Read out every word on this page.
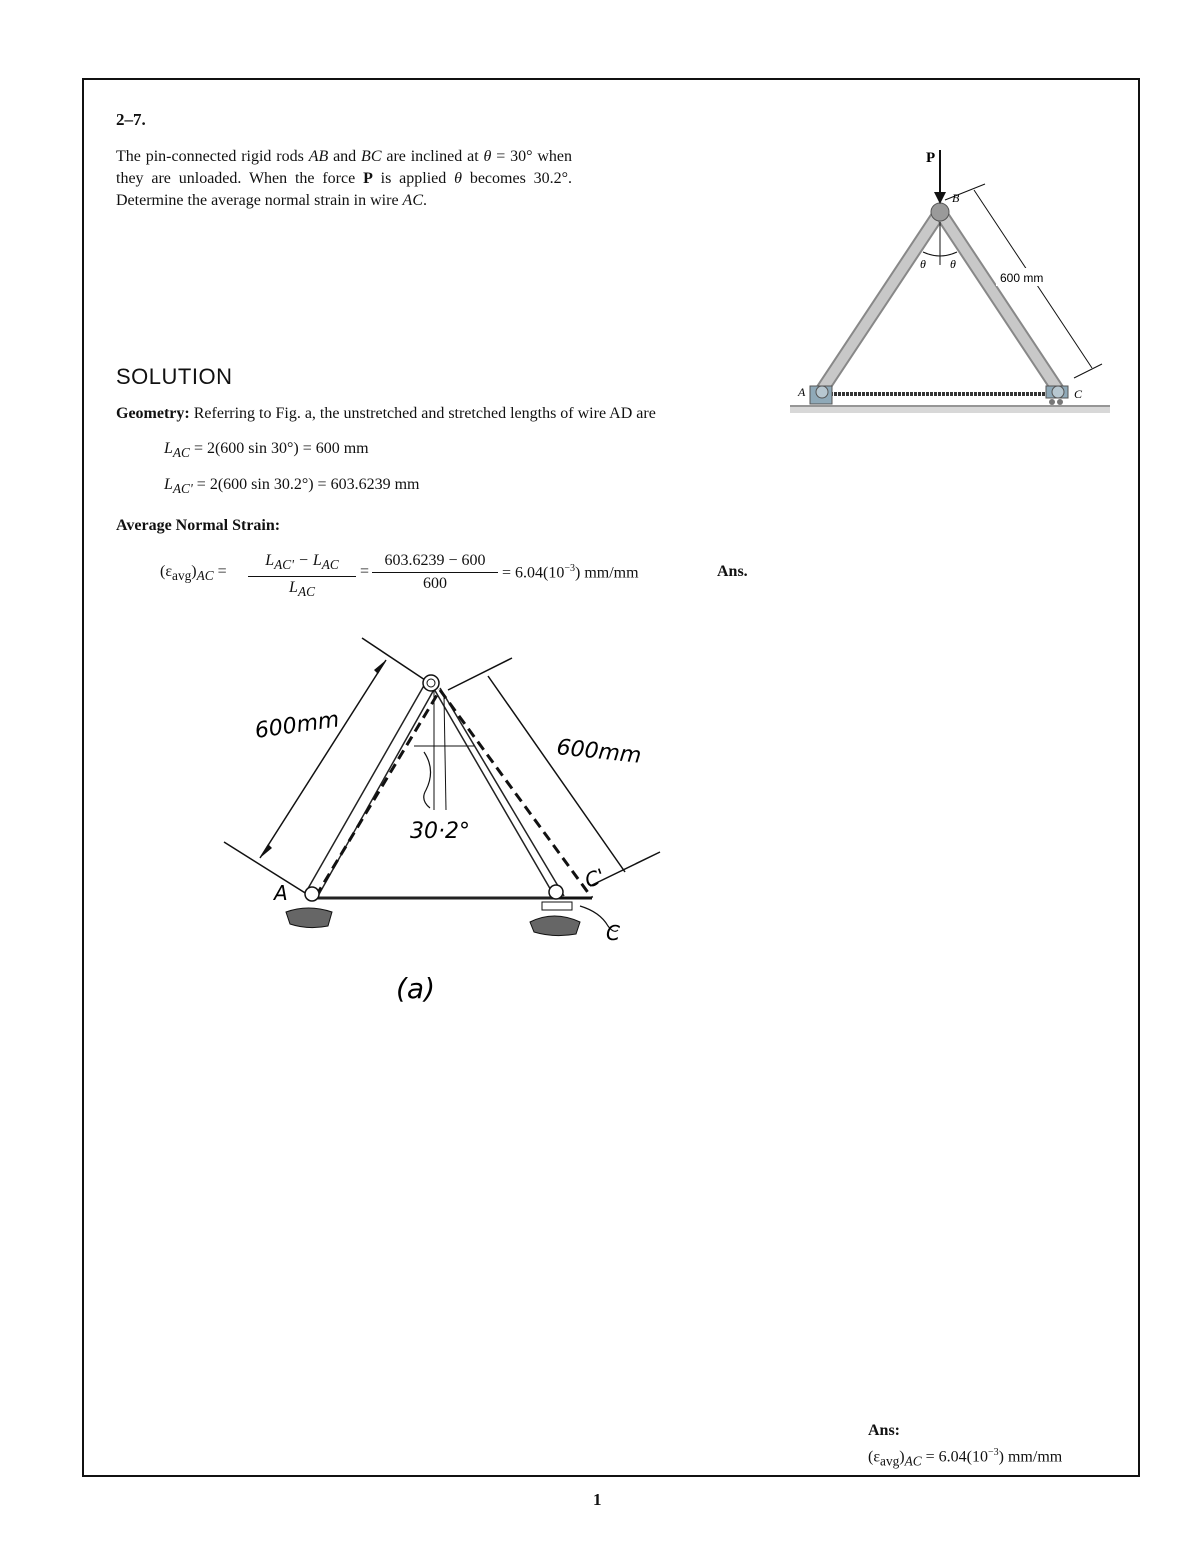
2–7.
The pin-connected rigid rods AB and BC are inclined at θ = 30° when they are unloaded. When the force P is applied θ becomes 30.2°. Determine the average normal strain in wire AC.
P
θ θ
600 mm
B
A	C
SOLUTION
Geometry: Referring to Fig. a, the unstretched and stretched lengths of wire AD are
$L_{AC} = 2(600$ sin 30°) = 600 mm
$L_{AC'} = 2(600$ sin 30.2°) = 603.6239 mm
Average Normal Strain:
$(\varepsilon_{avg})_{AC}$ =
$L_{AC'} - L_{AC}$
$L_{AC}$
= $\frac{603.6239 - 600}{600} = 6.04(10^{-3})$ mm/mm	Ans.
600mm
600mm
30·2°
A
C'
C
(a)
Ans:
$(\varepsilon_{avg})_{AC} = 6.04(10^{-3})$ mm/mm
1
